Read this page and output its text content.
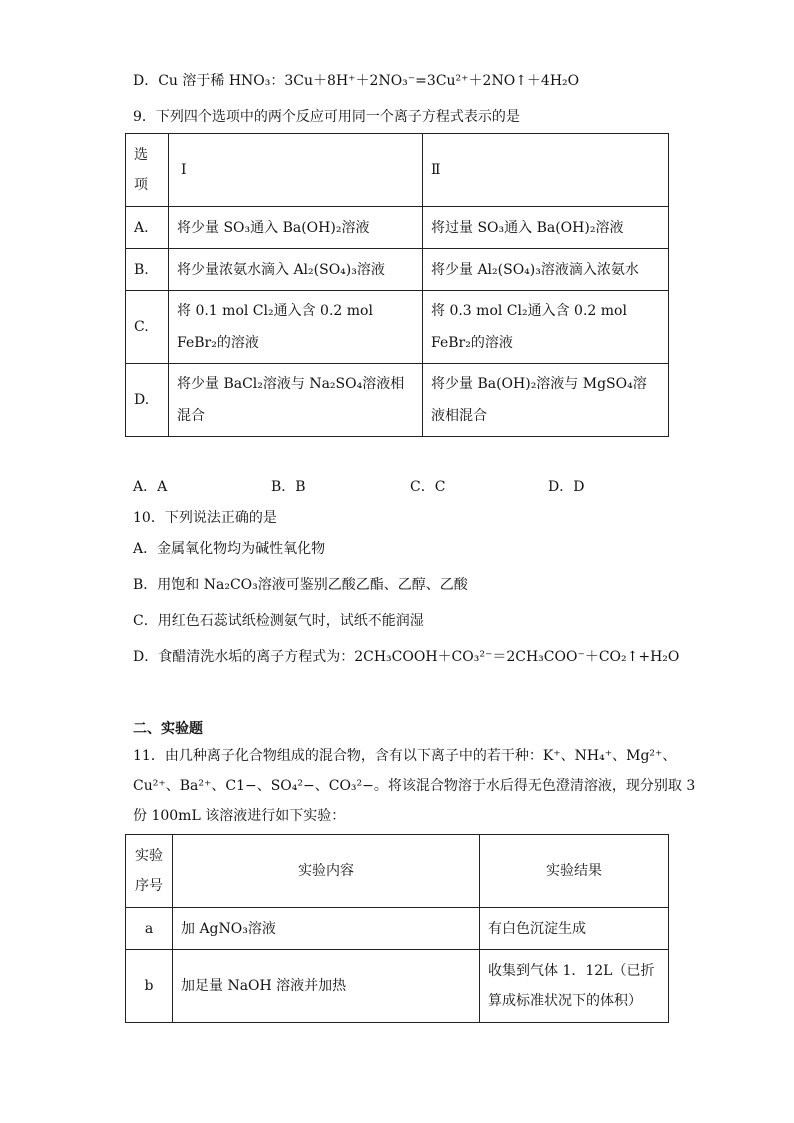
D．Cu 溶于稀 HNO₃：3Cu＋8H⁺＋2NO₃⁻=3Cu²⁺＋2NO↑＋4H₂O
9．下列四个选项中的两个反应可用同一个离子方程式表示的是
选项	Ⅰ	Ⅱ
A.	将少量 SO₃通入 Ba(OH)₂溶液	将过量 SO₃通入 Ba(OH)₂溶液
B.	将少量浓氨水滴入 Al₂(SO₄)₃溶液	将少量 Al₂(SO₄)₃溶液滴入浓氨水
C.	将 0.1 mol Cl₂通入含 0.2 mol FeBr₂的溶液	将 0.3 mol Cl₂通入含 0.2 mol FeBr₂的溶液
D.	将少量 BaCl₂溶液与 Na₂SO₄溶液相混合	将少量 Ba(OH)₂溶液与 MgSO₄溶液相混合
A．A	B．B	C．C	D．D
10．下列说法正确的是
A．金属氧化物均为碱性氧化物
B．用饱和 Na₂CO₃溶液可鉴别乙酸乙酯、乙醇、乙酸
C．用红色石蕊试纸检测氨气时，试纸不能润湿
D．食醋清洗水垢的离子方程式为：2CH₃COOH＋CO₃²⁻＝2CH₃COO⁻＋CO₂↑+H₂O
二、实验题
11．由几种离子化合物组成的混合物，含有以下离子中的若干种：K⁺、NH₄⁺、Mg²⁺、
Cu²⁺、Ba²⁺、C1−、SO₄²−、CO₃²−。将该混合物溶于水后得无色澄清溶液，现分别取 3
份 100mL 该溶液进行如下实验：
实验序号	实验内容	实验结果
a	加 AgNO₃溶液	有白色沉淀生成
b	加足量 NaOH 溶液并加热	收集到气体 1．12L（已折算成标准状况下的体积）
